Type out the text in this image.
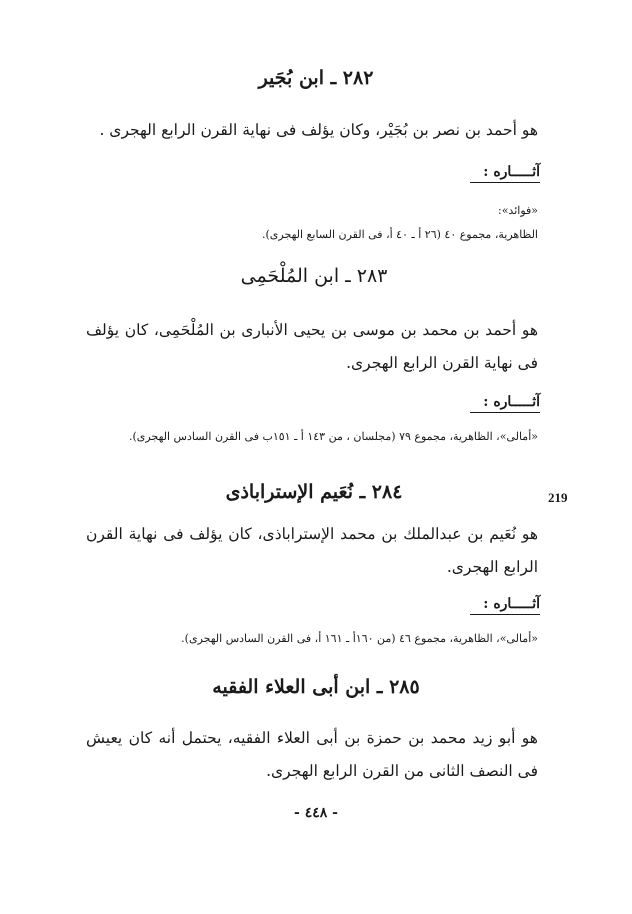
٢٨٢ ـ ابن بُجَير
هو أحمد بن نصر بن بُجَيْر، وكان يؤلف فى نهاية القرن الرابع الهجرى .
آثـــــاره :
«فوائد»:
الظاهرية، مجموع ٤٠ (٢٦ أ ـ ٤٠ أ، فى القرن السابع الهجرى).
٢٨٣ ـ ابن المُلْحَمِى
هو أحمد بن محمد بن موسى بن يحيى الأنبارى بن المُلْحَمِى، كان يؤلف فى نهاية القرن الرابع الهجرى.
آثـــــاره :
«أمالى»، الظاهرية، مجموع ٧٩ (مجلسان ، من ١٤٣ أ ـ ١٥١ب فى القرن السادس الهجرى).
219
٢٨٤ ـ نُعَيم الإستراباذى
هو نُعَيم بن عبدالملك بن محمد الإستراباذى، كان يؤلف فى نهاية القرن الرابع الهجرى.
آثـــــاره :
«أمالى»، الظاهرية، مجموع ٤٦ (من ١٦٠أ ـ ١٦١ أ، فى القرن السادس الهجرى).
٢٨٥ ـ ابن أبى العلاء الفقيه
هو أبو زيد محمد بن حمزة بن أبى العلاء الفقيه، يحتمل أنه كان يعيش فى النصف الثانى من القرن الرابع الهجرى.
- ٤٤٨ -
